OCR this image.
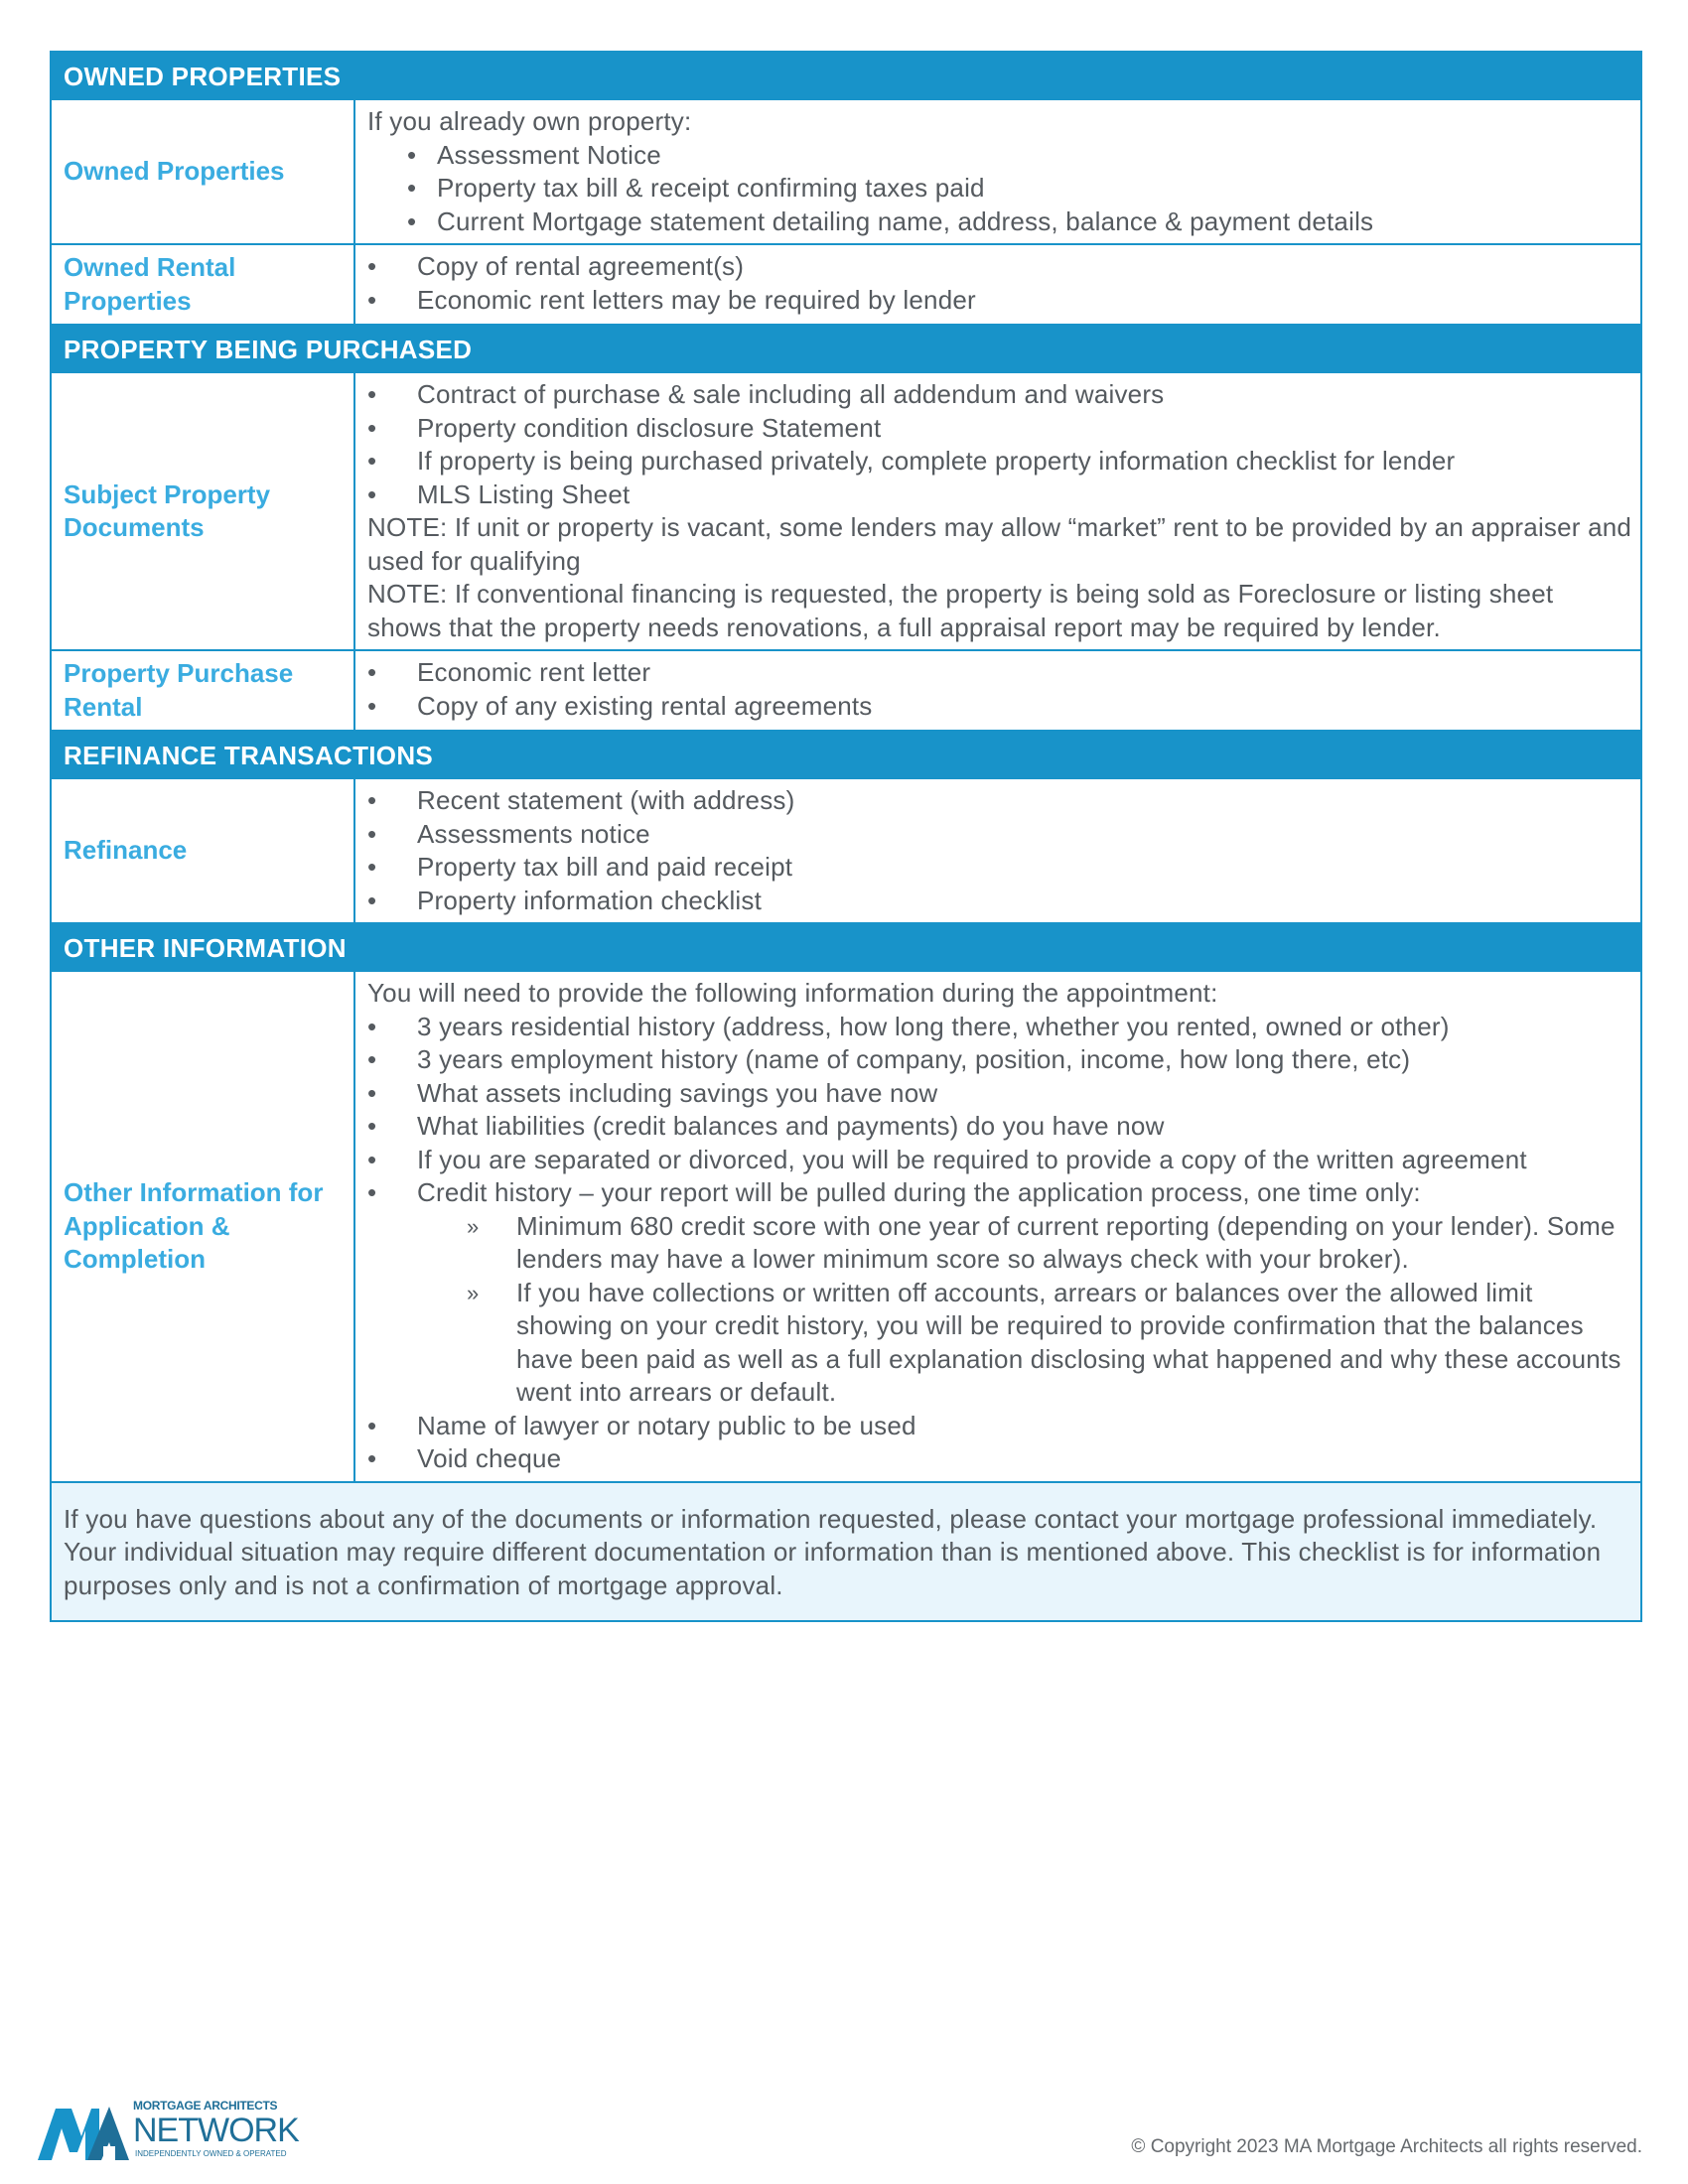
OWNED PROPERTIES
Owned Properties
If you already own property:
• Assessment Notice
• Property tax bill & receipt confirming taxes paid
• Current Mortgage statement detailing name, address, balance & payment details
Owned Rental Properties
• Copy of rental agreement(s)
• Economic rent letters may be required by lender
PROPERTY BEING PURCHASED
Subject Property Documents
• Contract of purchase & sale including all addendum and waivers
• Property condition disclosure Statement
• If property is being purchased privately, complete property information checklist for lender
• MLS Listing Sheet
NOTE: If unit or property is vacant, some lenders may allow “market” rent to be provided by an appraiser and used for qualifying
NOTE: If conventional financing is requested, the property is being sold as Foreclosure or listing sheet shows that the property needs renovations, a full appraisal report may be required by lender.
Property Purchase Rental
• Economic rent letter
• Copy of any existing rental agreements
REFINANCE TRANSACTIONS
Refinance
• Recent statement (with address)
• Assessments notice
• Property tax bill and paid receipt
• Property information checklist
OTHER INFORMATION
Other Information for Application & Completion
You will need to provide the following information during the appointment:
• 3 years residential history (address, how long there, whether you rented, owned or other)
• 3 years employment history (name of company, position, income, how long there, etc)
• What assets including savings you have now
• What liabilities (credit balances and payments) do you have now
• If you are separated or divorced, you will be required to provide a copy of the written agreement
• Credit history – your report will be pulled during the application process, one time only:
» Minimum 680 credit score with one year of current reporting (depending on your lender). Some lenders may have a lower minimum score so always check with your broker).
» If you have collections or written off accounts, arrears or balances over the allowed limit showing on your credit history, you will be required to provide confirmation that the balances have been paid as well as a full explanation disclosing what happened and why these accounts went into arrears or default.
• Name of lawyer or notary public to be used
• Void cheque
If you have questions about any of the documents or information requested, please contact your mortgage professional immediately. Your individual situation may require different documentation or information than is mentioned above. This checklist is for information purposes only and is not a confirmation of mortgage approval.
MORTGAGE ARCHITECTS
NETWORK
INDEPENDENTLY OWNED & OPERATED	© Copyright 2023 MA Mortgage Architects all rights reserved.
